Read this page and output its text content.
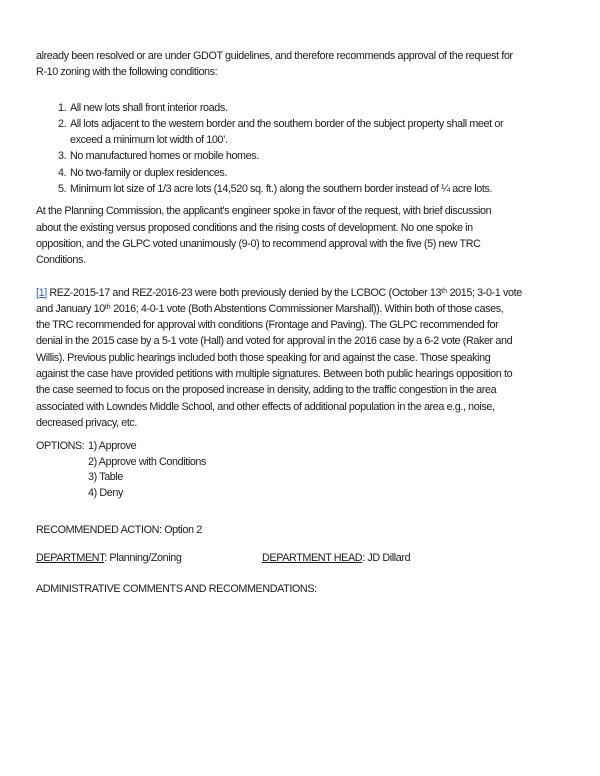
already been resolved or are under GDOT guidelines, and therefore recommends approval of the request for
R-10 zoning with the following conditions:
1. All new lots shall front interior roads.
2. All lots adjacent to the western border and the southern border of the subject property shall meet or
exceed a minimum lot width of 100’.
3. No manufactured homes or mobile homes.
4. No two-family or duplex residences.
5. Minimum lot size of 1/3 acre lots (14,520 sq. ft.) along the southern border instead of ¼ acre lots.
At the Planning Commission, the applicant's engineer spoke in favor of the request, with brief discussion
about the existing versus proposed conditions and the rising costs of development. No one spoke in
opposition, and the GLPC voted unanimously (9-0) to recommend approval with the five (5) new TRC
Conditions.
[1] REZ-2015-17 and REZ-2016-23 were both previously denied by the LCBOC (October 13th 2015; 3-0-1 vote
and January 10th 2016; 4-0-1 vote (Both Abstentions Commissioner Marshall)). Within both of those cases,
the TRC recommended for approval with conditions (Frontage and Paving). The GLPC recommended for
denial in the 2015 case by a 5-1 vote (Hall) and voted for approval in the 2016 case by a 6-2 vote (Raker and
Willis). Previous public hearings included both those speaking for and against the case. Those speaking
against the case have provided petitions with multiple signatures. Between both public hearings opposition to
the case seemed to focus on the proposed increase in density, adding to the traffic congestion in the area
associated with Lowndes Middle School, and other effects of additional population in the area e.g., noise,
decreased privacy, etc.
OPTIONS: 1) Approve
2) Approve with Conditions
3) Table
4) Deny
RECOMMENDED ACTION: Option 2
DEPARTMENT: Planning/Zoning	DEPARTMENT HEAD: JD Dillard
ADMINISTRATIVE COMMENTS AND RECOMMENDATIONS:
